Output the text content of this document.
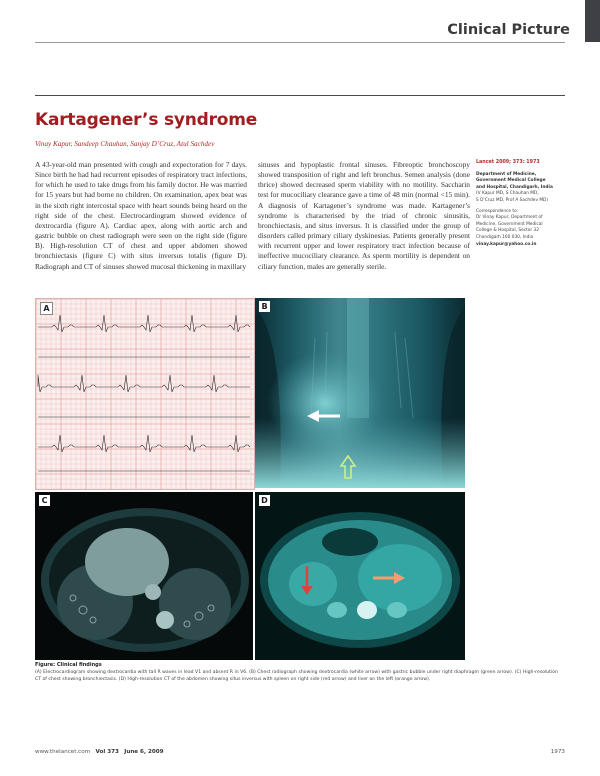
Clinical Picture
Kartagener’s syndrome
Vinay Kapur, Sandeep Chauhan, Sanjay D’Cruz, Atul Sachdev
A 43-year-old man presented with cough and expectoration for 7 days. Since birth he had had recurrent episodes of respiratory tract infections, for which he used to take drugs from his family doctor. He was married for 15 years but had borne no children. On examination, apex beat was in the sixth right intercostal space with heart sounds being heard on the right side of the chest. Electrocardiogram showed evidence of dextrocardia (figure A). Cardiac apex, along with aortic arch and gastric bubble on chest radiograph were seen on the right side (figure B). High-resolution CT of chest and upper abdomen showed bronchiectasis (figure C) with situs inversus totalis (figure D). Radiograph and CT of sinuses showed mucosal thickening in maxillary
sinuses and hypoplastic frontal sinuses. Fibreoptic bronchoscopy showed transposition of right and left bronchus. Semen analysis (done thrice) showed decreased sperm viability with no motility. Saccharin test for mucociliary clearance gave a time of 48 min (normal <15 min). A diagnosis of Kartagener’s syndrome was made. Kartagener’s syndrome is characterised by the triad of chronic sinusitis, bronchiectasis, and situs inversus. It is classified under the group of disorders called primary ciliary dyskinesias. Patients generally present with recurrent upper and lower respiratory tract infection because of ineffective mucociliary clearance. As sperm mortility is dependent on ciliary function, males are generally sterile.
Lancet 2009; 373: 1973
Department of Medicine,
Government Medical College
and Hospital, Chandigarh, India
(V Kapur MD, S Chauhan MD,
S D’Cruz MD, Prof A Sachdev MD)
Correspondence to:
Dr Vinay Kapur, Department of
Medicine, Government Medical
College & Hospital, Sector 32
Chandigarh 160 030, India
vinay.kapur@yahoo.co.in
A	B
C	D
Figure: Clinical findings
(A) Electrocardiogram showing dextrocardia with tall R waves in lead V1 and absent R in V6. (B) Chest radiograph showing dextrocardia (white arrow) with gastric bubble under right diaphragm (green arrow). (C) High-resolution CT of chest showing bronchiectasis. (D) High-resolution CT of the abdomen showing situs inversus with spleen on right side (red arrow) and liver on the left (orange arrow).
www.thelancet.com Vol 373 June 6, 2009	1973
